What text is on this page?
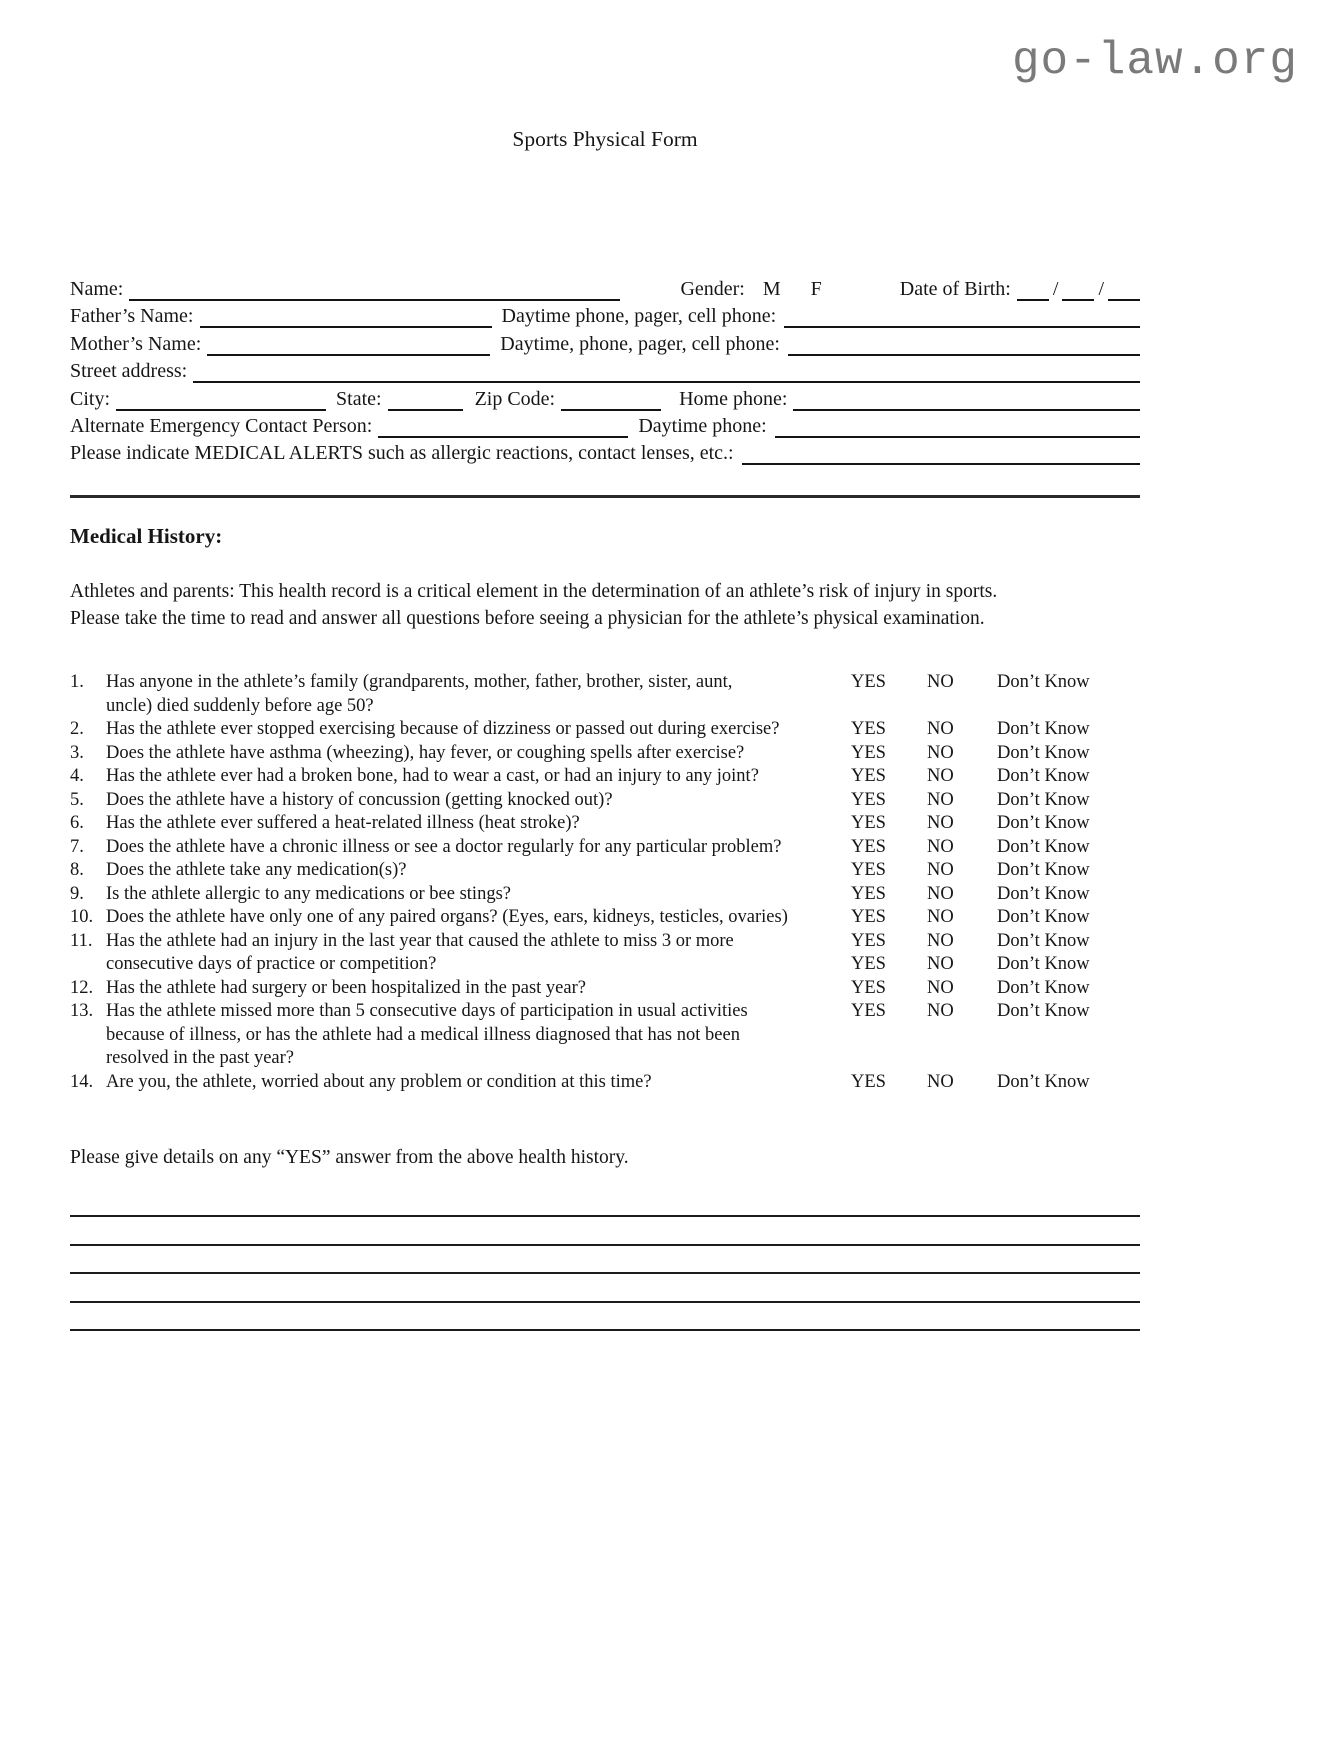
go-law.org
Sports Physical Form
Name:	Gender: M F	Date of Birth: / /
Father’s Name:	Daytime phone, pager, cell phone:
Mother’s Name:	Daytime, phone, pager, cell phone:
Street address:
City:	State:	Zip Code:	Home phone:
Alternate Emergency Contact Person:	Daytime phone:
Please indicate MEDICAL ALERTS such as allergic reactions, contact lenses, etc.:
Medical History:
Athletes and parents: This health record is a critical element in the determination of an athlete’s risk of injury in sports.
Please take the time to read and answer all questions before seeing a physician for the athlete’s physical examination.
1.	Has anyone in the athlete’s family (grandparents, mother, father, brother, sister, aunt,	YES	NO	Don’t Know
uncle) died suddenly before age 50?
2.	Has the athlete ever stopped exercising because of dizziness or passed out during exercise?	YES	NO	Don’t Know
3.	Does the athlete have asthma (wheezing), hay fever, or coughing spells after exercise?	YES	NO	Don’t Know
4.	Has the athlete ever had a broken bone, had to wear a cast, or had an injury to any joint?	YES	NO	Don’t Know
5.	Does the athlete have a history of concussion (getting knocked out)?	YES	NO	Don’t Know
6.	Has the athlete ever suffered a heat-related illness (heat stroke)?	YES	NO	Don’t Know
7.	Does the athlete have a chronic illness or see a doctor regularly for any particular problem?	YES	NO	Don’t Know
8.	Does the athlete take any medication(s)?	YES	NO	Don’t Know
9.	Is the athlete allergic to any medications or bee stings?	YES	NO	Don’t Know
10. Does the athlete have only one of any paired organs? (Eyes, ears, kidneys, testicles, ovaries)	YES	NO	Don’t Know
11. Has the athlete had an injury in the last year that caused the athlete to miss 3 or more	YES	NO	Don’t Know
consecutive days of practice or competition?	YES	NO	Don’t Know
12. Has the athlete had surgery or been hospitalized in the past year?	YES	NO	Don’t Know
13. Has the athlete missed more than 5 consecutive days of participation in usual activities	YES	NO	Don’t Know
because of illness, or has the athlete had a medical illness diagnosed that has not been
resolved in the past year?
14. Are you, the athlete, worried about any problem or condition at this time?	YES	NO	Don’t Know
Please give details on any “YES” answer from the above health history.
